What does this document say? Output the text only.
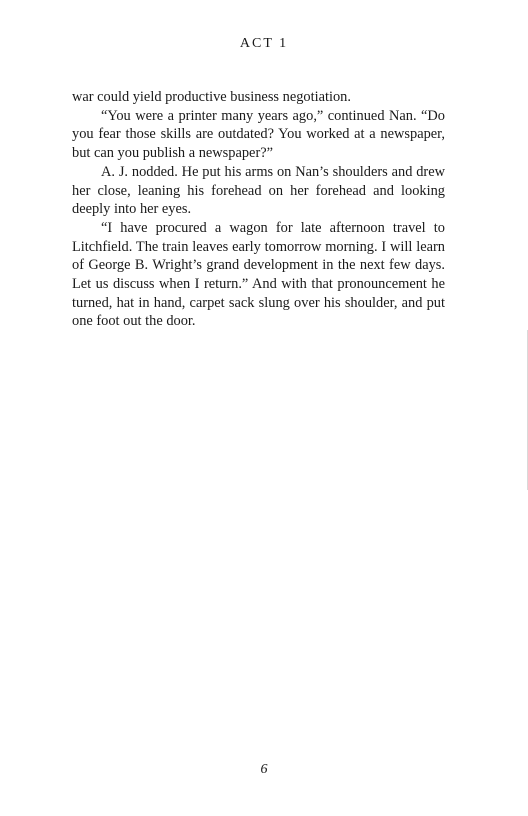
ACT 1

war could yield productive business negotiation.

“You were a printer many years ago,” continued Nan. “Do you fear those skills are outdated? You worked at a newspaper, but can you publish a newspaper?”

A. J. nodded. He put his arms on Nan’s shoulders and drew her close, leaning his forehead on her forehead and looking deeply into her eyes.

“I have procured a wagon for late afternoon travel to Litchfield. The train leaves early tomorrow morning. I will learn of George B. Wright’s grand development in the next few days. Let us discuss when I return.” And with that pronouncement he turned, hat in hand, carpet sack slung over his shoulder, and put one foot out the door.

6
